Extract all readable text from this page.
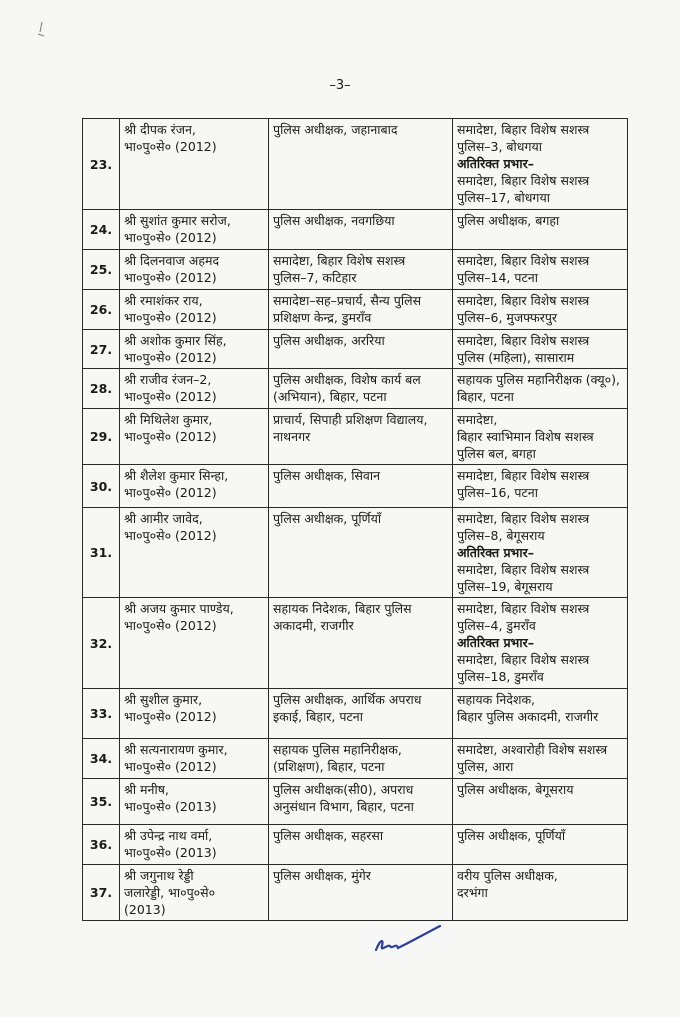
–3–
23.	श्री दीपक रंजन,
भा०पु०से० (2012)	पुलिस अधीक्षक, जहानाबाद	समादेष्टा, बिहार विशेष सशस्त्र
पुलिस–3, बोधगया
अतिरिक्त प्रभार–
समादेष्टा, बिहार विशेष सशस्त्र
पुलिस–17, बोधगया

24.	श्री सुशांत कुमार सरोज,
भा०पु०से० (2012)	पुलिस अधीक्षक, नवगछिया	पुलिस अधीक्षक, बगहा

25.	श्री दिलनवाज अहमद
भा०पु०से० (2012)	समादेष्टा, बिहार विशेष सशस्त्र
पुलिस–7, कटिहार	समादेष्टा, बिहार विशेष सशस्त्र
पुलिस–14, पटना

26.	श्री रमाशंकर राय,
भा०पु०से० (2012)	समादेष्टा–सह–प्रचार्य, सैन्य पुलिस
प्रशिक्षण केन्द्र, डुमराँव	समादेष्टा, बिहार विशेष सशस्त्र
पुलिस–6, मुजफ्फरपुर

27.	श्री अशोक कुमार सिंह,
भा०पु०से० (2012)	पुलिस अधीक्षक, अररिया	समादेष्टा, बिहार विशेष सशस्त्र
पुलिस (महिला), सासाराम

28.	श्री राजीव रंजन–2,
भा०पु०से० (2012)	पुलिस अधीक्षक, विशेष कार्य बल
(अभियान), बिहार, पटना	सहायक पुलिस महानिरीक्षक (क्यू०),
बिहार, पटना

29.	श्री मिथिलेश कुमार,
भा०पु०से० (2012)	प्राचार्य, सिपाही प्रशिक्षण विद्यालय,
नाथनगर	समादेष्टा,
बिहार स्वाभिमान विशेष सशस्त्र
पुलिस बल, बगहा

30.	श्री शैलेश कुमार सिन्हा,
भा०पु०से० (2012)	पुलिस अधीक्षक, सिवान	समादेष्टा, बिहार विशेष सशस्त्र
पुलिस–16, पटना

31.	श्री आमीर जावेद,
भा०पु०से० (2012)	पुलिस अधीक्षक, पूर्णियाँ	समादेष्टा, बिहार विशेष सशस्त्र
पुलिस–8, बेगूसराय
अतिरिक्त प्रभार–
समादेष्टा, बिहार विशेष सशस्त्र
पुलिस–19, बेगूसराय

32.	श्री अजय कुमार पाण्डेय,
भा०पु०से० (2012)	सहायक निदेशक, बिहार पुलिस
अकादमी, राजगीर	समादेष्टा, बिहार विशेष सशस्त्र
पुलिस–4, डुमराँव
अतिरिक्त प्रभार–
समादेष्टा, बिहार विशेष सशस्त्र
पुलिस–18, डुमराँव

33.	श्री सुशील कुमार,
भा०पु०से० (2012)	पुलिस अधीक्षक, आर्थिक अपराध
इकाई, बिहार, पटना	सहायक निदेशक,
बिहार पुलिस अकादमी, राजगीर

34.	श्री सत्यनारायण कुमार,
भा०पु०से० (2012)	सहायक पुलिस महानिरीक्षक,
(प्रशिक्षण), बिहार, पटना	समादेष्टा, अश्वारोही विशेष सशस्त्र
पुलिस, आरा

35.	श्री मनीष,
भा०पु०से० (2013)	पुलिस अधीक्षक(सी0), अपराध
अनुसंधान विभाग, बिहार, पटना	पुलिस अधीक्षक, बेगूसराय

36.	श्री उपेन्द्र नाथ वर्मा,
भा०पु०से० (2013)	पुलिस अधीक्षक, सहरसा	पुलिस अधीक्षक, पूर्णियाँ

37.	श्री जगुनाथ रेड्डी
जलारेड्डी, भा०पु०से०
(2013)	पुलिस अधीक्षक, मुंगेर	वरीय पुलिस अधीक्षक,
दरभंगा
